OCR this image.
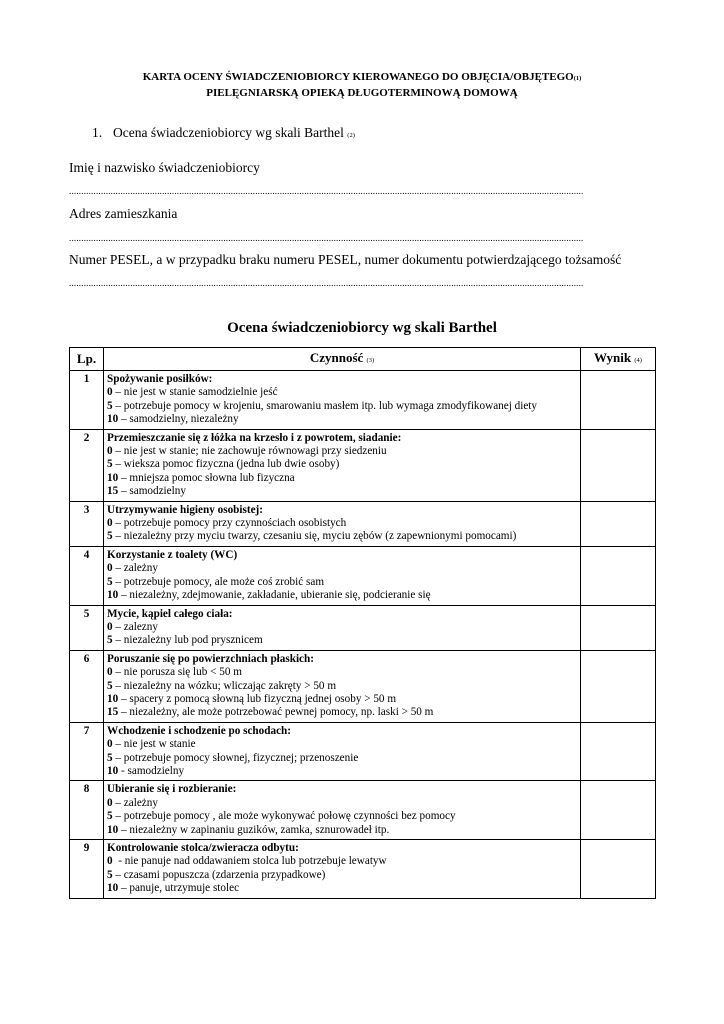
KARTA OCENY ŚWIADCZENIOBIORCY KIEROWANEGO DO OBJĘCIA/OBJĘTEGO(1)
PIELĘGNIARSKĄ OPIEKĄ DŁUGOTERMINOWĄ DOMOWĄ
1. Ocena świadczeniobiorcy wg skali Barthel (2)
Imię i nazwisko świadczeniobiorcy
..................................................................................................................................................................................................................
Adres zamieszkania
..................................................................................................................................................................................................................
Numer PESEL, a w przypadku braku numeru PESEL, numer dokumentu potwierdzającego tożsamość
..................................................................................................................................................................................................................
Ocena świadczeniobiorcy wg skali Barthel
Lp.	Czynność (3)	Wynik (4)
1	Spożywanie posiłków:
0 – nie jest w stanie samodzielnie jeść
5 – potrzebuje pomocy w krojeniu, smarowaniu masłem itp. lub wymaga zmodyfikowanej diety
10 – samodzielny, niezależny	

2	Przemieszczanie się z łóżka na krzesło i z powrotem, siadanie:
0 – nie jest w stanie; nie zachowuje równowagi przy siedzeniu
5 – wieksza pomoc fizyczna (jedna lub dwie osoby)
10 – mniejsza pomoc słowna lub fizyczna
15 – samodzielny	

3	Utrzymywanie higieny osobistej:
0 – potrzebuje pomocy przy czynnościach osobistych
5 – niezależny przy myciu twarzy, czesaniu się, myciu zębów (z zapewnionymi pomocami)	

4	Korzystanie z toalety (WC)
0 – zależny
5 – potrzebuje pomocy, ale może coś zrobić sam
10 – niezależny, zdejmowanie, zakładanie, ubieranie się, podcieranie się	

5	Mycie, kąpiel całego ciała:
0 – zalezny
5 – niezależny lub pod prysznicem	

6	Poruszanie się po powierzchniach płaskich:
0 – nie porusza się lub < 50 m
5 – niezależny na wózku; wliczając zakręty > 50 m
10 – spacery z pomocą słowną lub fizyczną jednej osoby > 50 m
15 – niezależny, ale może potrzebować pewnej pomocy, np. laski > 50 m	

7	Wchodzenie i schodzenie po schodach:
0 – nie jest w stanie
5 – potrzebuje pomocy słownej, fizycznej; przenoszenie
10 - samodzielny	

8	Ubieranie się i rozbieranie:
0 – zależny
5 – potrzebuje pomocy , ale może wykonywać połowę czynności bez pomocy
10 – niezależny w zapinaniu guzików, zamka, sznurowadeł itp.	

9	Kontrolowanie stolca/zwieracza odbytu:
0  - nie panuje nad oddawaniem stolca lub potrzebuje lewatyw
5 – czasami popuszcza (zdarzenia przypadkowe)
10 – panuje, utrzymuje stolec	
